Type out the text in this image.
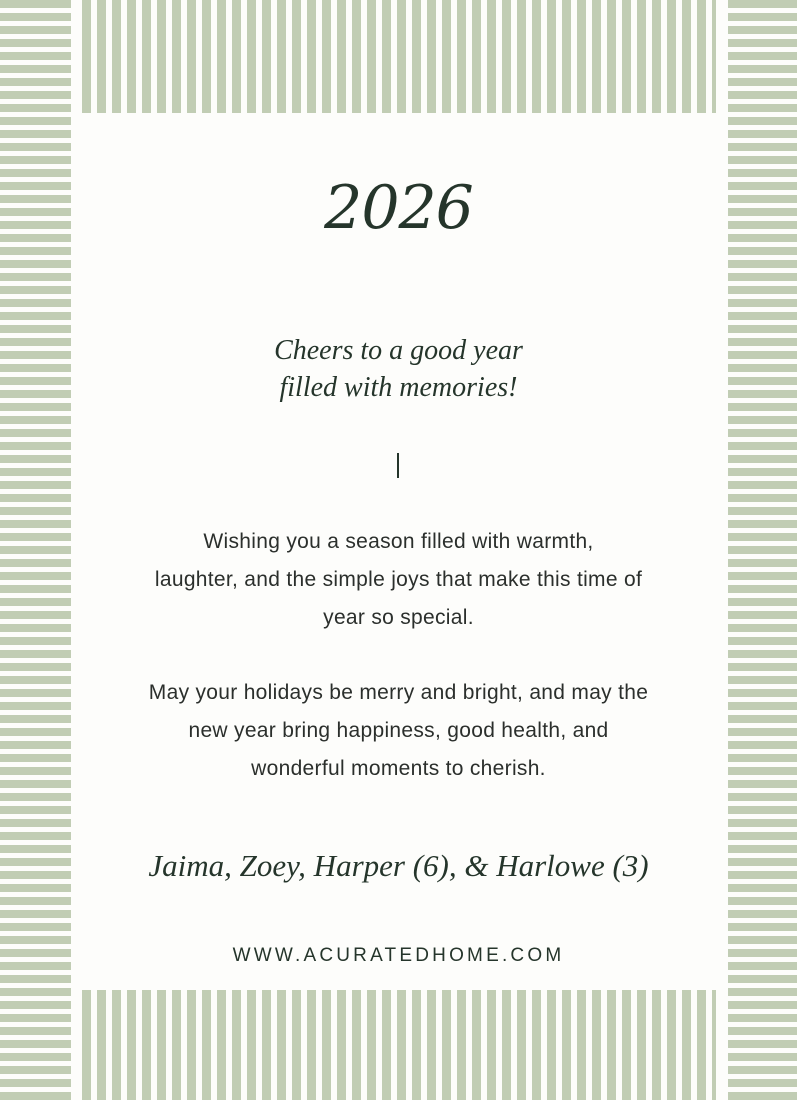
2026
Cheers to a good year
filled with memories!
Wishing you a season filled with warmth,
laughter, and the simple joys that make this time of
year so special.
May your holidays be merry and bright, and may the
new year bring happiness, good health, and
wonderful moments to cherish.
Jaima, Zoey, Harper (6), & Harlowe (3)
WWW.ACURATEDHOME.COM
